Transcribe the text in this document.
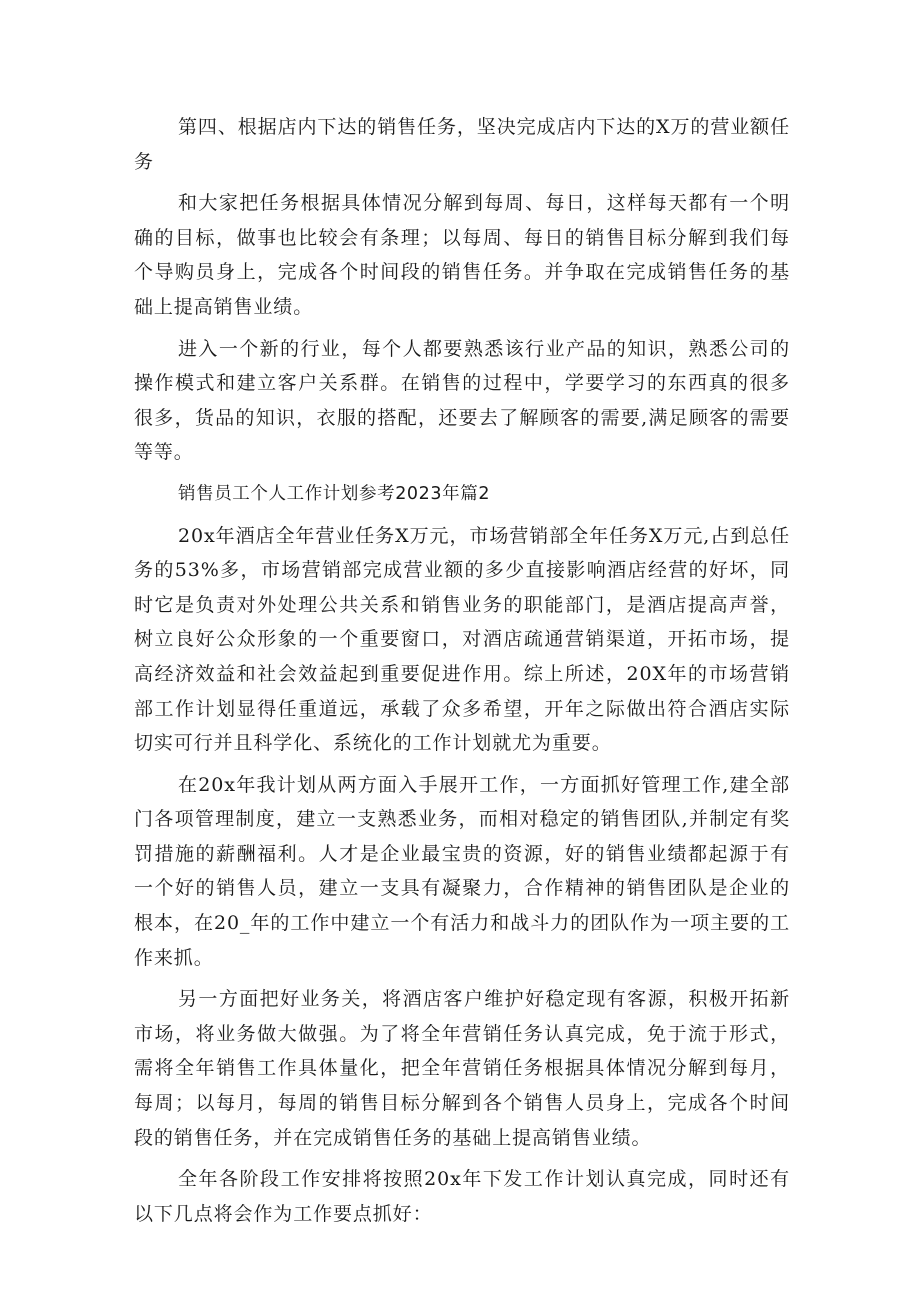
第四、根据店内下达的销售任务，坚决完成店内下达的X万的营业额任务

和大家把任务根据具体情况分解到每周、每日，这样每天都有一个明确的目标，做事也比较会有条理；以每周、每日的销售目标分解到我们每个导购员身上，完成各个时间段的销售任务。并争取在完成销售任务的基础上提高销售业绩。

进入一个新的行业，每个人都要熟悉该行业产品的知识，熟悉公司的操作模式和建立客户关系群。在销售的过程中，学要学习的东西真的很多很多，货品的知识，衣服的搭配，还要去了解顾客的需要,满足顾客的需要等等。

销售员工个人工作计划参考2023年篇2

20x年酒店全年营业任务X万元，市场营销部全年任务X万元,占到总任务的53%多，市场营销部完成营业额的多少直接影响酒店经营的好坏，同时它是负责对外处理公共关系和销售业务的职能部门，是酒店提高声誉，树立良好公众形象的一个重要窗口，对酒店疏通营销渠道，开拓市场，提高经济效益和社会效益起到重要促进作用。综上所述，20X年的市场营销部工作计划显得任重道远，承载了众多希望，开年之际做出符合酒店实际切实可行并且科学化、系统化的工作计划就尤为重要。

在20x年我计划从两方面入手展开工作，一方面抓好管理工作,建全部门各项管理制度，建立一支熟悉业务，而相对稳定的销售团队,并制定有奖罚措施的薪酬福利。人才是企业最宝贵的资源，好的销售业绩都起源于有一个好的销售人员，建立一支具有凝聚力，合作精神的销售团队是企业的根本，在20_年的工作中建立一个有活力和战斗力的团队作为一项主要的工作来抓。

另一方面把好业务关，将酒店客户维护好稳定现有客源，积极开拓新市场，将业务做大做强。为了将全年营销任务认真完成，免于流于形式，需将全年销售工作具体量化，把全年营销任务根据具体情况分解到每月，每周；以每月，每周的销售目标分解到各个销售人员身上，完成各个时间段的销售任务，并在完成销售任务的基础上提高销售业绩。

全年各阶段工作安排将按照20x年下发工作计划认真完成，同时还有以下几点将会作为工作要点抓好：
